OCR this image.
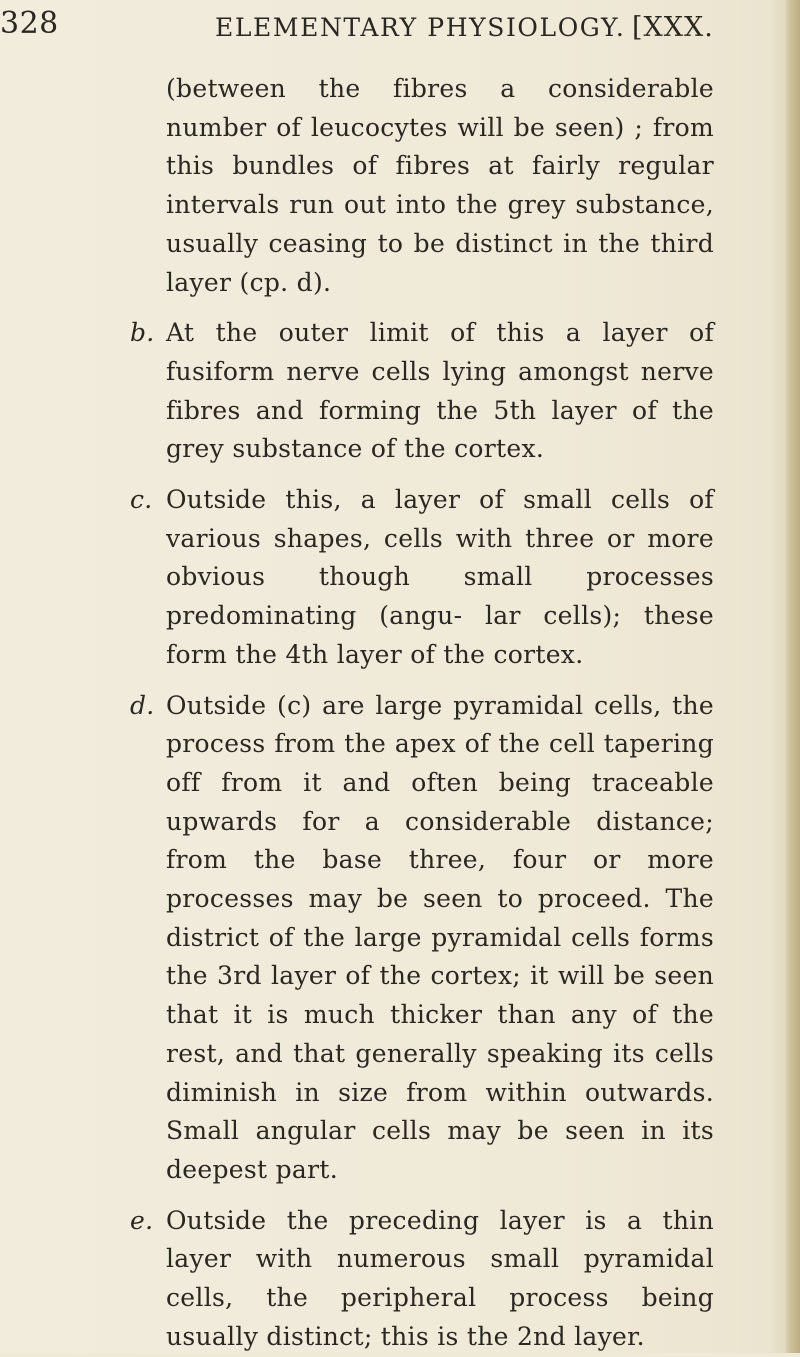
328	ELEMENTARY PHYSIOLOGY. [XXX.

(between the fibres a considerable number of leucocytes will be seen) ; from this bundles of fibres at fairly regular intervals run out into the grey substance, usually ceasing to be distinct in the third layer (cp. d).

b. At the outer limit of this a layer of fusiform nerve cells lying amongst nerve fibres and forming the 5th layer of the grey substance of the cortex.

c. Outside this, a layer of small cells of various shapes, cells with three or more obvious though small processes predominating (angu- lar cells); these form the 4th layer of the cortex.

d. Outside (c) are large pyramidal cells, the process from the apex of the cell tapering off from it and often being traceable upwards for a considerable distance; from the base three, four or more processes may be seen to proceed. The district of the large pyramidal cells forms the 3rd layer of the cortex; it will be seen that it is much thicker than any of the rest, and that generally speaking its cells diminish in size from within outwards. Small angular cells may be seen in its deepest part.

e. Outside the preceding layer is a thin layer with numerous small pyramidal cells, the peripheral process being usually distinct; this is the 2nd layer.
